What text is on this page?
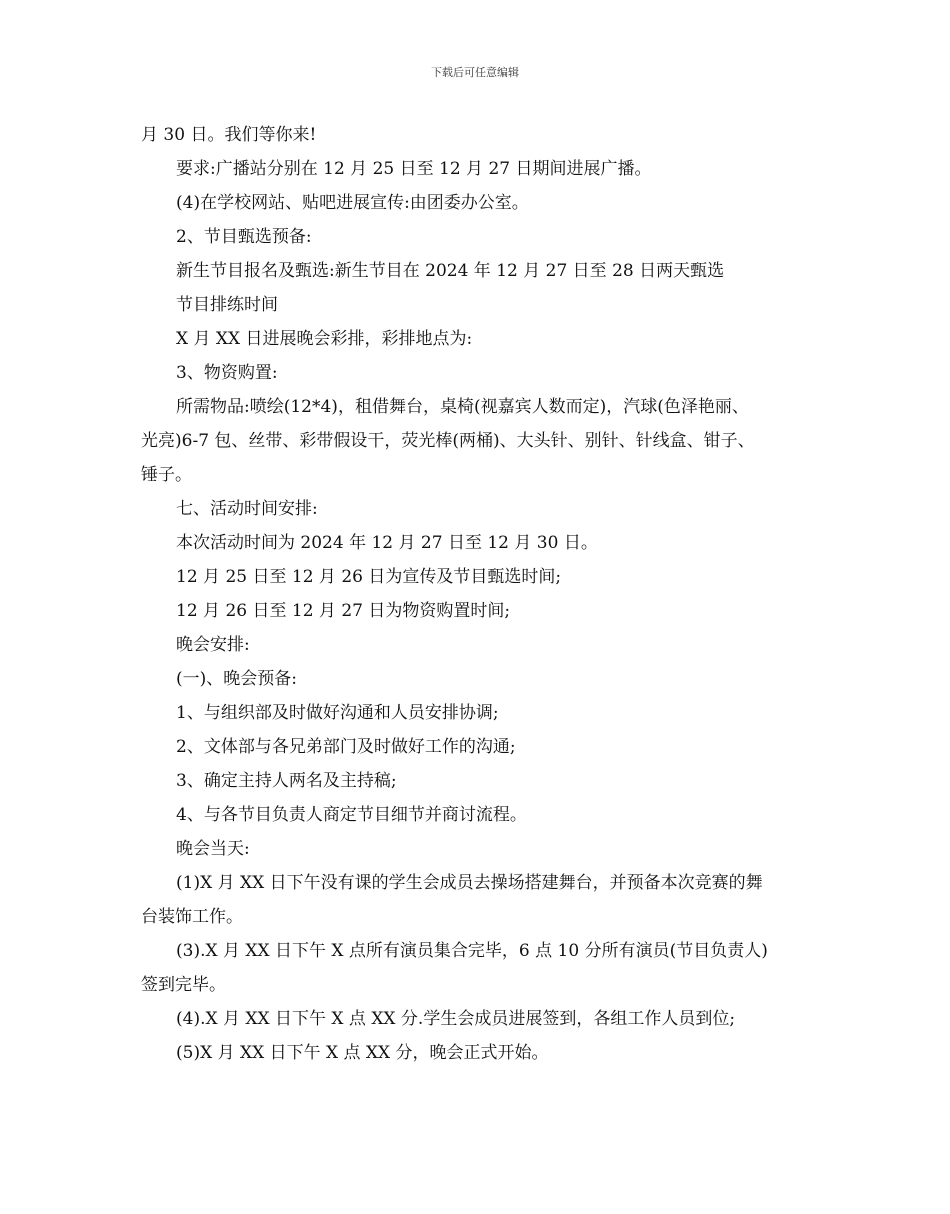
下载后可任意编辑
月 30 日。我们等你来!
要求:广播站分别在 12 月 25 日至 12 月 27 日期间进展广播。
(4)在学校网站、贴吧进展宣传:由团委办公室。
2、节目甄选预备:
新生节目报名及甄选:新生节目在 2024 年 12 月 27 日至 28 日两天甄选
节目排练时间
X 月 XX 日进展晚会彩排，彩排地点为:
3、物资购置:
所需物品:喷绘(12*4)，租借舞台，桌椅(视嘉宾人数而定)，汽球(色泽艳丽、
光亮)6-7 包、丝带、彩带假设干，荧光棒(两桶)、大头针、别针、针线盒、钳子、
锤子。
七、活动时间安排:
本次活动时间为 2024 年 12 月 27 日至 12 月 30 日。
12 月 25 日至 12 月 26 日为宣传及节目甄选时间;
12 月 26 日至 12 月 27 日为物资购置时间;
晚会安排:
(一)、晚会预备:
1、与组织部及时做好沟通和人员安排协调;
2、文体部与各兄弟部门及时做好工作的沟通;
3、确定主持人两名及主持稿;
4、与各节目负责人商定节目细节并商讨流程。
晚会当天:
(1)X 月 XX 日下午没有课的学生会成员去操场搭建舞台，并预备本次竞赛的舞
台装饰工作。
(3).X 月 XX 日下午 X 点所有演员集合完毕，6 点 10 分所有演员(节目负责人)
签到完毕。
(4).X 月 XX 日下午 X 点 XX 分.学生会成员进展签到，各组工作人员到位;
(5)X 月 XX 日下午 X 点 XX 分，晚会正式开始。
